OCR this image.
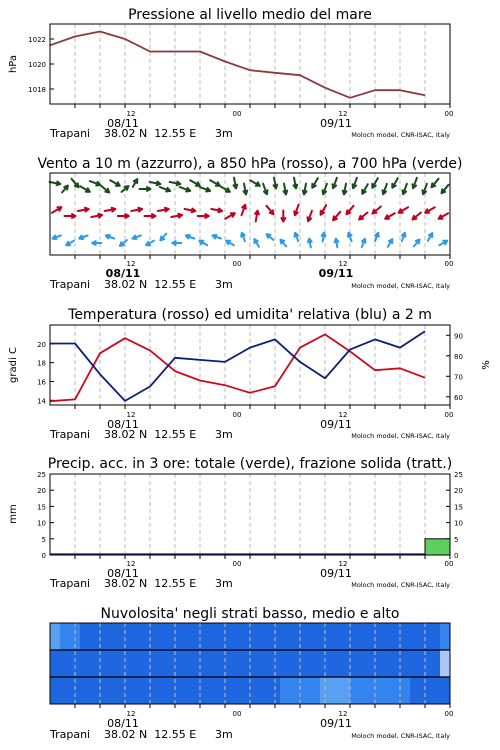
Pressione al livello medio del mare
hPa
1018
1020
1022
12	00	12	00
08/11	09/11
Trapani 38.02 N  12.55 E 3m	Moloch model, CNR-ISAC, Italy
Vento a 10 m (azzurro), a 850 hPa (rosso), a 700 hPa (verde)
12	00	12	00
08/11	09/11
Trapani 38.02 N  12.55 E 3m	Moloch model, CNR-ISAC, Italy
Temperatura (rosso) ed umidita' relativa (blu) a 2 m
gradi C	%
14
16
18
20
60
70
80
90
12	00	12	00
08/11	09/11
Trapani 38.02 N  12.55 E 3m	Moloch model, CNR-ISAC, Italy
Precip. acc. in 3 ore: totale (verde), frazione solida (tratt.)
mm
0
5
10
15
20
25
0
5
10
15
20
25
12	00	12	00
08/11	09/11
Trapani 38.02 N  12.55 E 3m	Moloch model, CNR-ISAC, Italy
Nuvolosita' negli strati basso, medio e alto
12	00	12	00
08/11	09/11
Trapani 38.02 N  12.55 E 3m	Moloch model, CNR-ISAC, Italy
